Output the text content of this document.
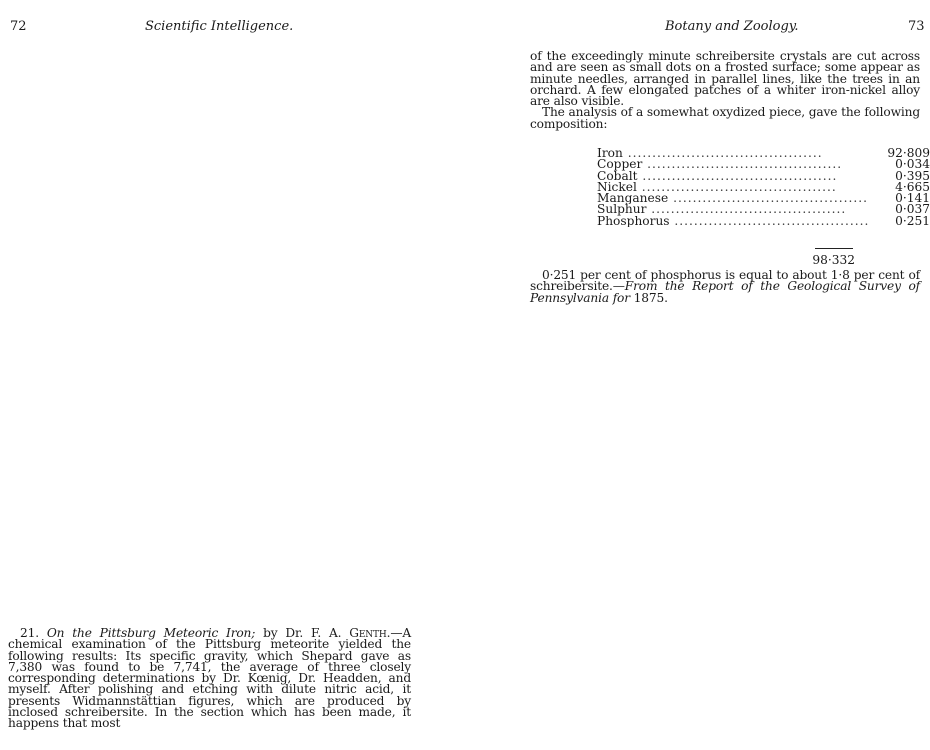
72	Scientific Intelligence.

21. On the Pittsburg Meteoric Iron; by Dr. F. A. Genth.—A chemical examination of the Pittsburg meteorite yielded the following results: Its specific gravity, which Shepard gave as 7,380 was found to be 7,741, the average of three closely corresponding determinations by Dr. Kœnig, Dr. Headden, and myself. After polishing and etching with dilute nitric acid, it presents Widmannstättian figures, which are produced by inclosed schreibersite. In the section which has been made, it happens that most

Botany and Zoology.	73

of the exceedingly minute schreibersite crystals are cut across and are seen as small dots on a frosted surface; some appear as minute needles, arranged in parallel lines, like the trees in an orchard. A few elongated patches of a whiter iron-nickel alloy are also visible.

The analysis of a somewhat oxydized piece, gave the following composition:

Iron ........................................	92·809
Copper ........................................	0·034
Cobalt ........................................	0·395
Nickel ........................................	4·665
Manganese ........................................	0·141
Sulphur ........................................	0·037
Phosphorus ........................................	0·251
98·332

0·251 per cent of phosphorus is equal to about 1·8 per cent of schreibersite.—From the Report of the Geological Survey of Pennsylvania for 1875.
